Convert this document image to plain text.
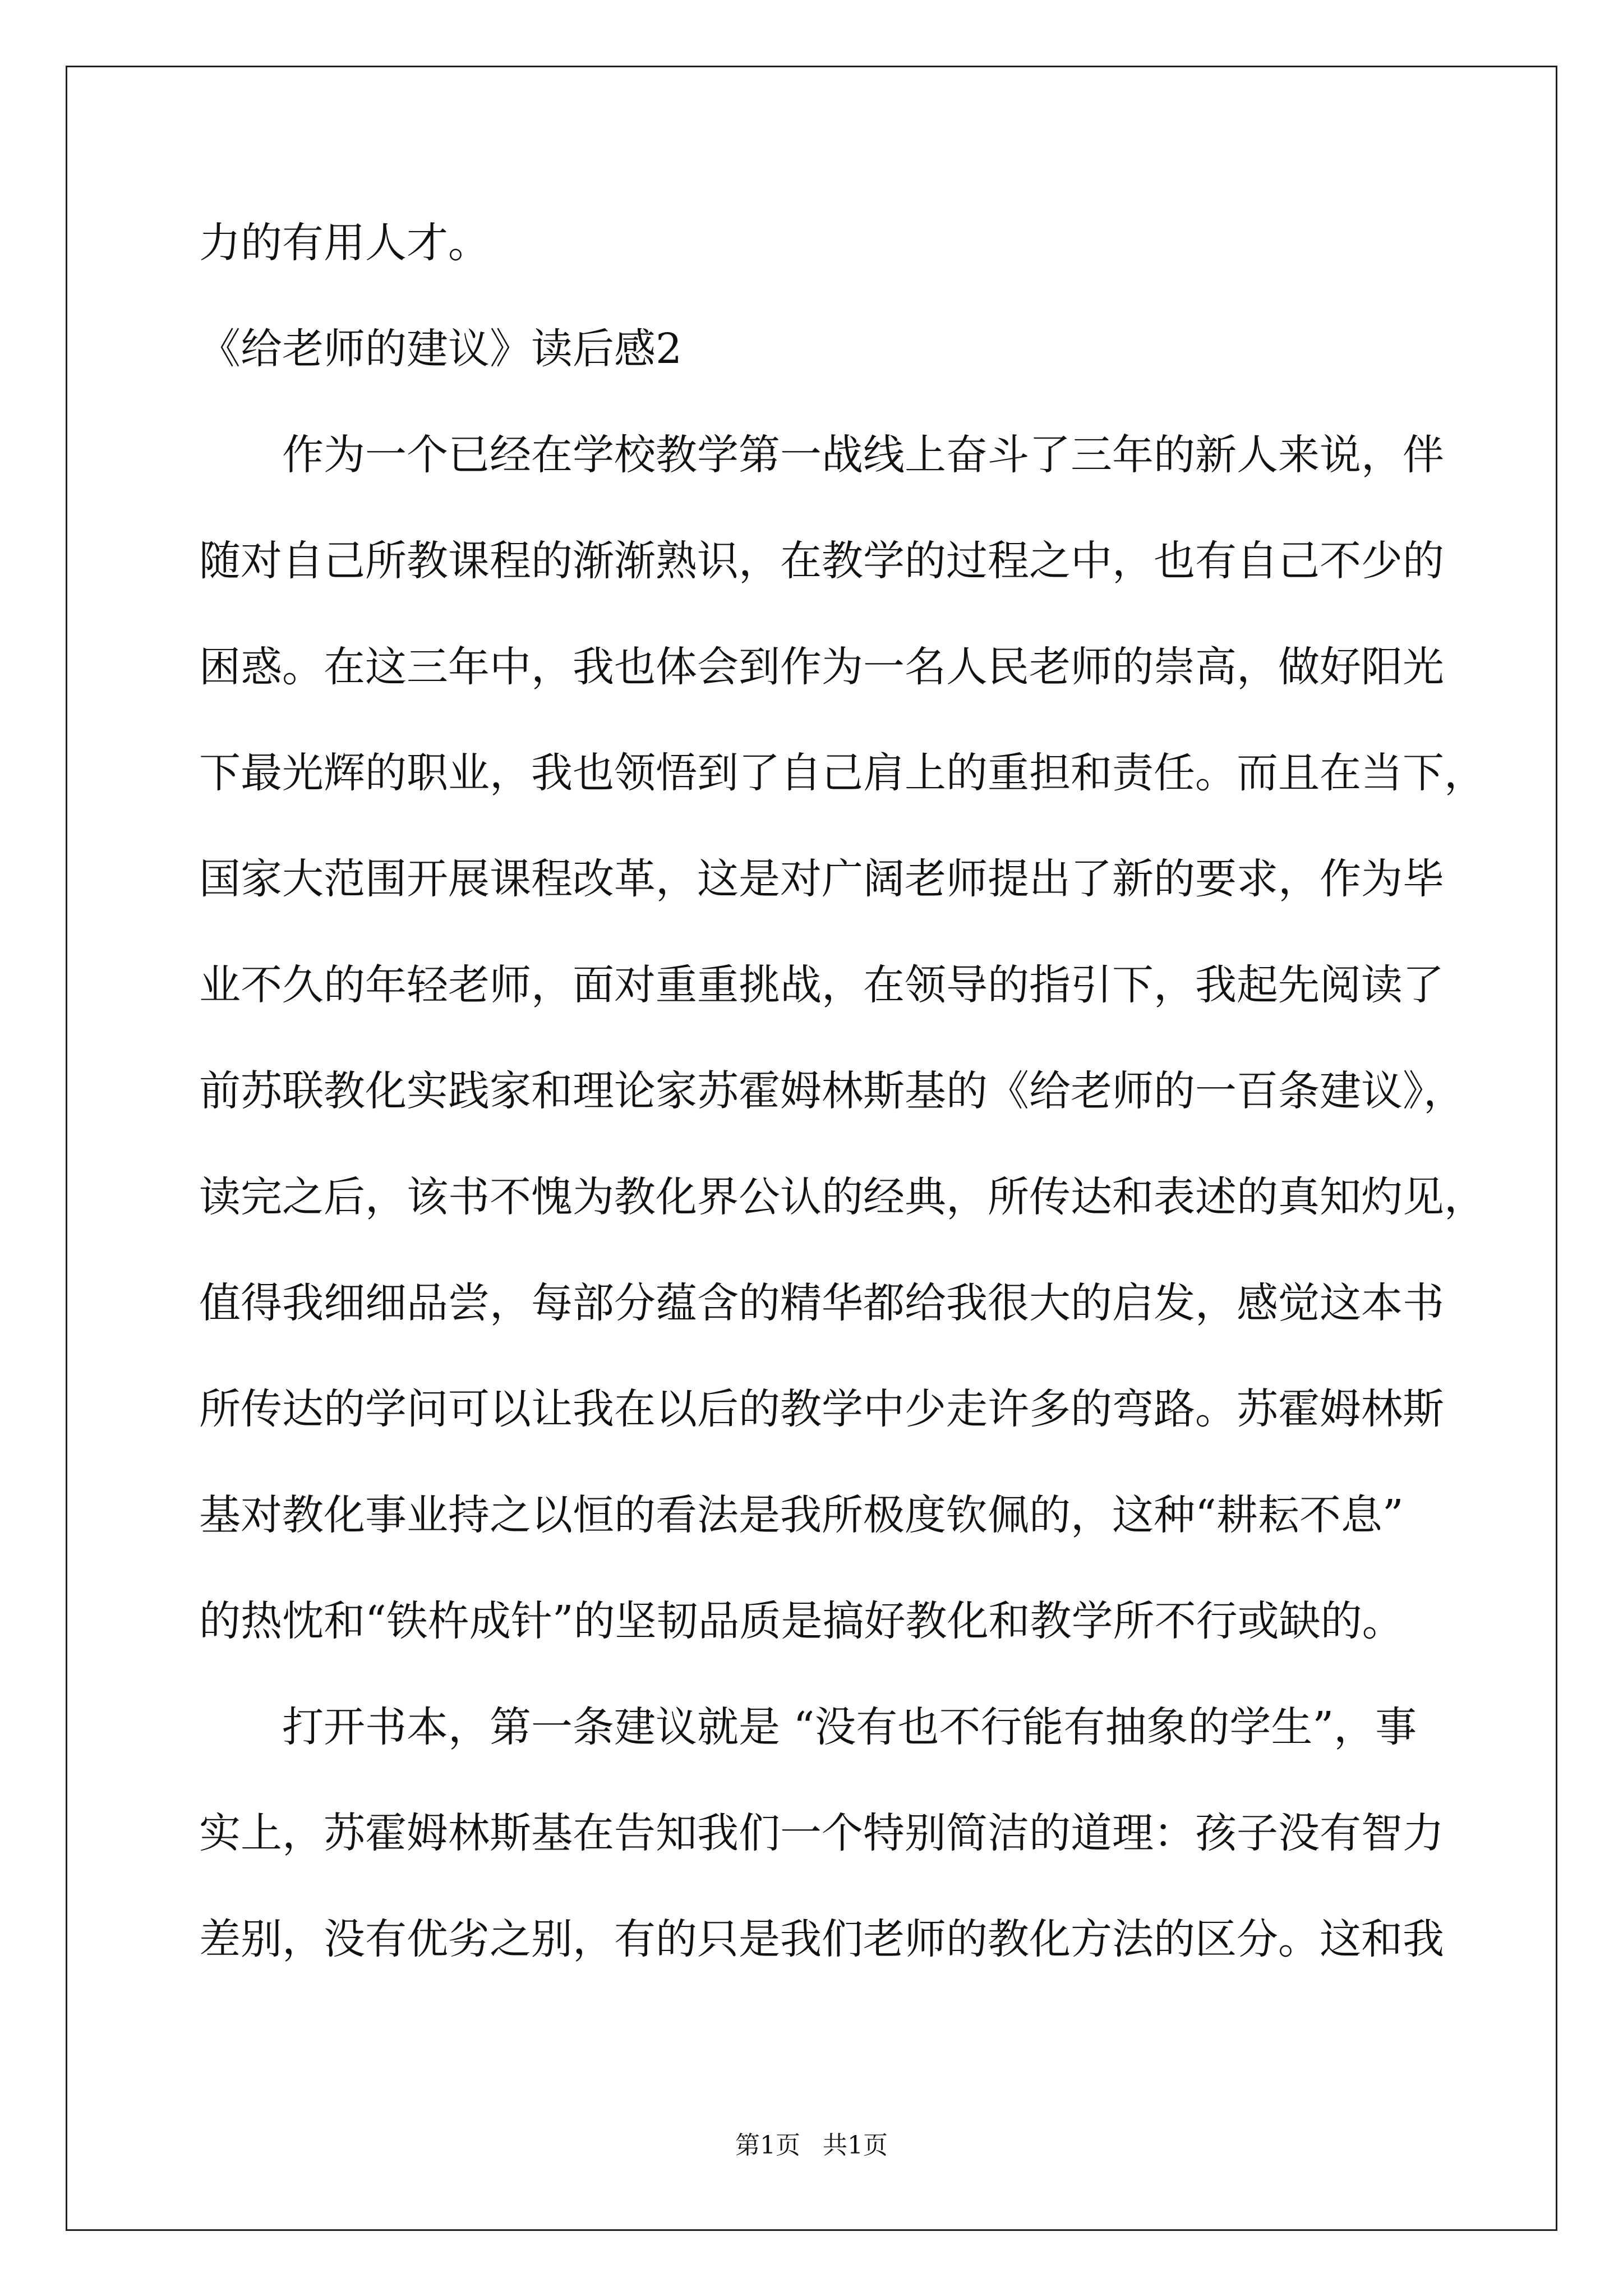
力的有用人才。
《给老师的建议》读后感2
　　作为一个已经在学校教学第一战线上奋斗了三年的新人来说，伴
随对自己所教课程的渐渐熟识，在教学的过程之中，也有自己不少的
困惑。在这三年中，我也体会到作为一名人民老师的崇高，做好阳光
下最光辉的职业，我也领悟到了自己肩上的重担和责任。而且在当下，
国家大范围开展课程改革，这是对广阔老师提出了新的要求，作为毕
业不久的年轻老师，面对重重挑战，在领导的指引下，我起先阅读了
前苏联教化实践家和理论家苏霍姆林斯基的《给老师的一百条建议》，
读完之后，该书不愧为教化界公认的经典，所传达和表述的真知灼见，
值得我细细品尝，每部分蕴含的精华都给我很大的启发，感觉这本书
所传达的学问可以让我在以后的教学中少走许多的弯路。苏霍姆林斯
基对教化事业持之以恒的看法是我所极度钦佩的，这种“耕耘不息”
的热忱和“铁杵成针”的坚韧品质是搞好教化和教学所不行或缺的。
　　打开书本，第一条建议就是 “没有也不行能有抽象的学生”，事
实上，苏霍姆林斯基在告知我们一个特别简洁的道理：孩子没有智力
差别，没有优劣之别，有的只是我们老师的教化方法的区分。这和我
第1页 共1页
